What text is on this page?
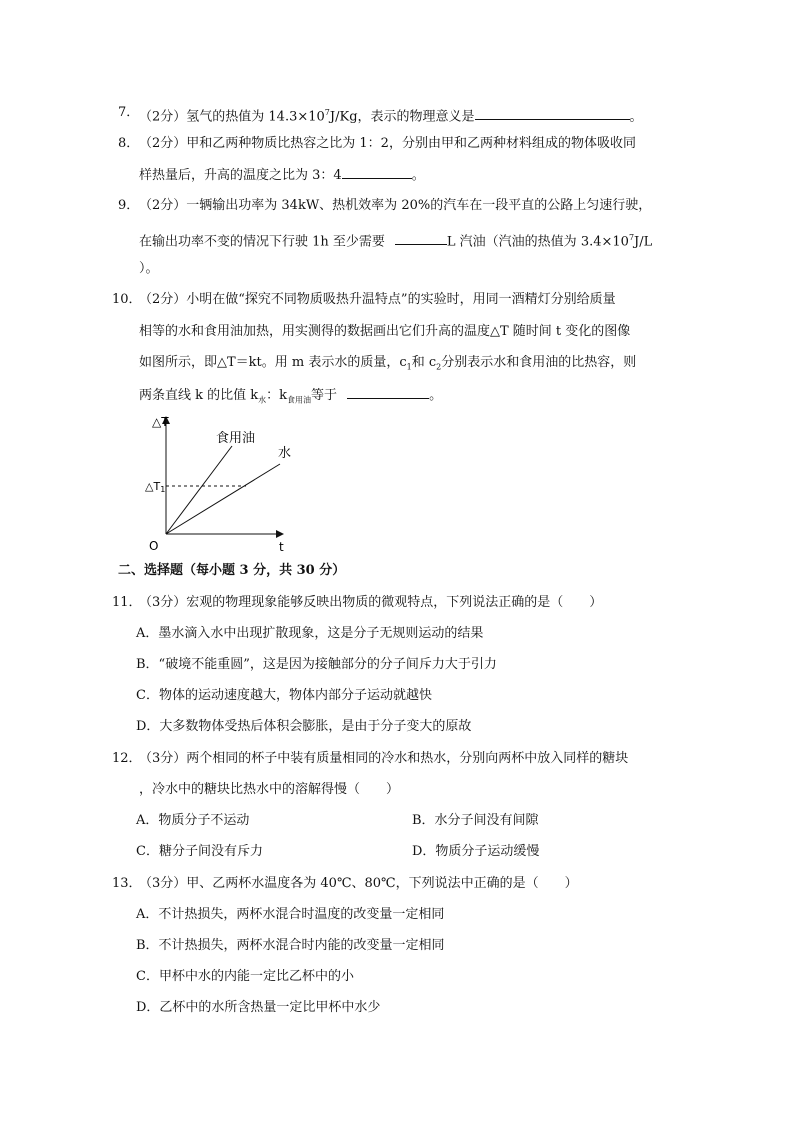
7． （2分）氢气的热值为 $14.3\times 10^7J/Kg$，表示的物理意义是	。
8． （2分）甲和乙两种物质比热容之比为 1：2，分别由甲和乙两种材料组成的物体吸收同
样热量后，升高的温度之比为 3：4	。
9． （2分）一辆输出功率为 34kW、热机效率为 20%的汽车在一段平直的公路上匀速行驶，
在输出功率不变的情况下行驶 1h 至少需要	L 汽油（汽油的热值为 $3.4\times 10^7J/L$
）。
10．
（2分）小明在做“探究不同物质吸热升温特点”的实验时，用同一酒精灯分别给质量
相等的水和食用油加热，用实测得的数据画出它们升高的温度△T 随时间 t 变化的图像
如图所示，即△T＝kt。用 m 表示水的质量，$c_1$和 $c_2$分别表示水和食用油的比热容，则
两条直线 k 的比值 $k_水$：$k_{食用油}$等于	。
△T
t
O
△T1
食用油
水
二、选择题（每小题 3 分，共 30 分）
11．
（3分）宏观的物理现象能够反映出物质的微观特点，下列说法正确的是（　　）
A．墨水滴入水中出现扩散现象，这是分子无规则运动的结果
B．“破境不能重圆”，这是因为接触部分的分子间斥力大于引力
C．物体的运动速度越大，物体内部分子运动就越快
D．大多数物体受热后体积会膨胀，是由于分子变大的原故
12．
（3分）两个相同的杯子中装有质量相同的冷水和热水，分别向两杯中放入同样的糖块
，冷水中的糖块比热水中的溶解得慢（　　）
A．物质分子不运动	B．水分子间没有间隙
C．糖分子间没有斥力	D．物质分子运动缓慢
13．
（3分）甲、乙两杯水温度各为 40℃、80℃，下列说法中正确的是（　　）
A．不计热损失，两杯水混合时温度的改变量一定相同
B．不计热损失，两杯水混合时内能的改变量一定相同
C．甲杯中水的内能一定比乙杯中的小
D．乙杯中的水所含热量一定比甲杯中水少
